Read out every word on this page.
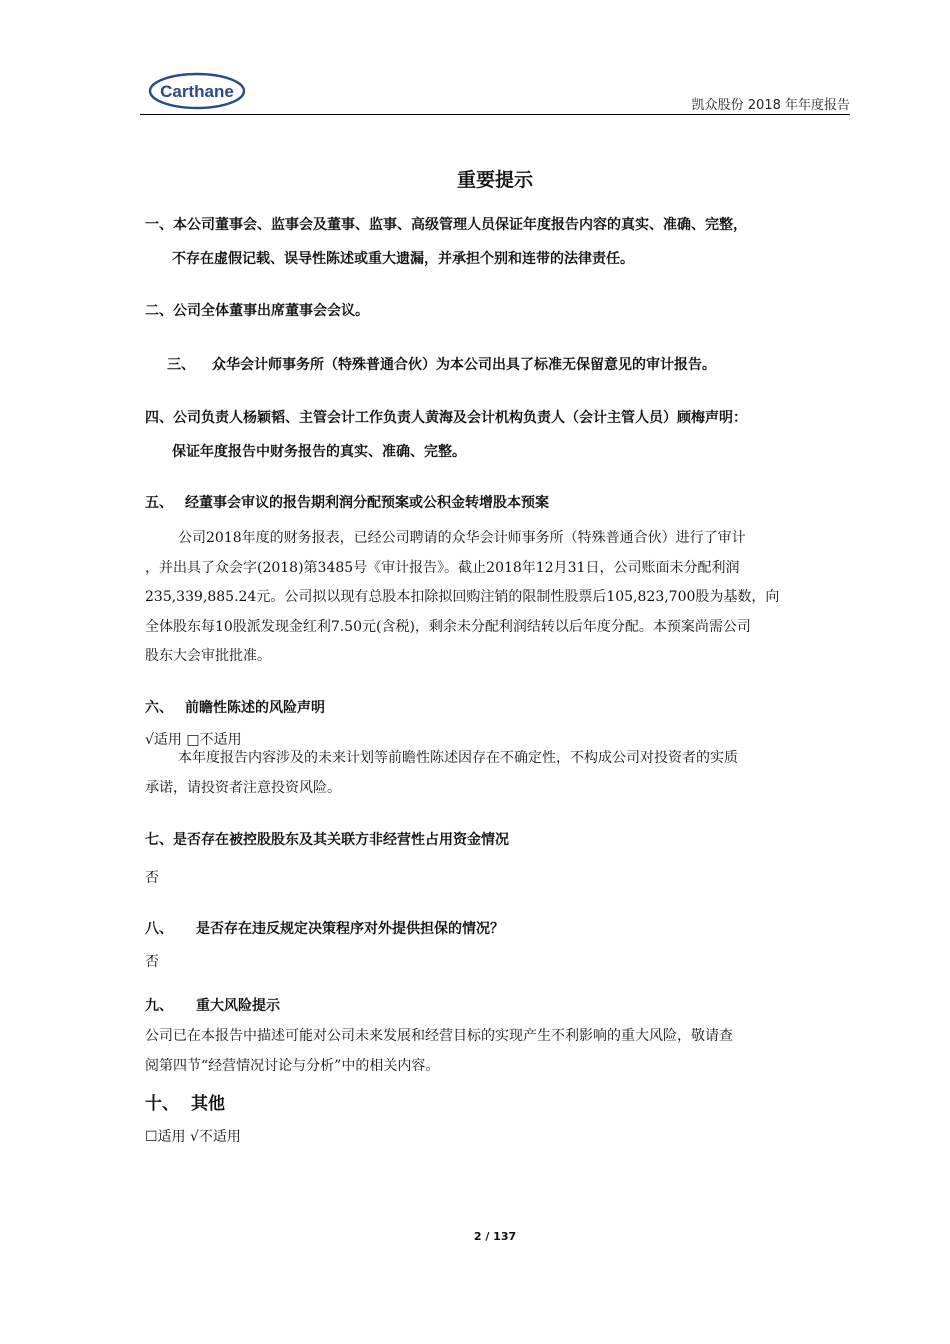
Carthane
凯众股份 2018 年年度报告
重要提示
一、本公司董事会、监事会及董事、监事、高级管理人员保证年度报告内容的真实、准确、完整，
不存在虚假记载、误导性陈述或重大遗漏，并承担个别和连带的法律责任。
二、公司全体董事出席董事会会议。
三、 众华会计师事务所（特殊普通合伙）为本公司出具了标准无保留意见的审计报告。
四、公司负责人杨颖韬、主管会计工作负责人黄海及会计机构负责人（会计主管人员）顾梅声明：
保证年度报告中财务报告的真实、准确、完整。
五、 经董事会审议的报告期利润分配预案或公积金转增股本预案
公司2018年度的财务报表，已经公司聘请的众华会计师事务所（特殊普通合伙）进行了审计
，并出具了众会字(2018)第3485号《审计报告》。截止2018年12月31日，公司账面未分配利润
235,339,885.24元。公司拟以现有总股本扣除拟回购注销的限制性股票后105,823,700股为基数，向
全体股东每10股派发现金红利7.50元(含税)，剩余未分配利润结转以后年度分配。本预案尚需公司
股东大会审批批准。
六、 前瞻性陈述的风险声明
√适用 □不适用
本年度报告内容涉及的未来计划等前瞻性陈述因存在不确定性，不构成公司对投资者的实质
承诺，请投资者注意投资风险。
七、是否存在被控股股东及其关联方非经营性占用资金情况
否
八、 是否存在违反规定决策程序对外提供担保的情况？
否
九、 重大风险提示
公司已在本报告中描述可能对公司未来发展和经营目标的实现产生不利影响的重大风险，敬请查
阅第四节“经营情况讨论与分析”中的相关内容。
十、 其他
☐适用 √不适用
2 / 137
